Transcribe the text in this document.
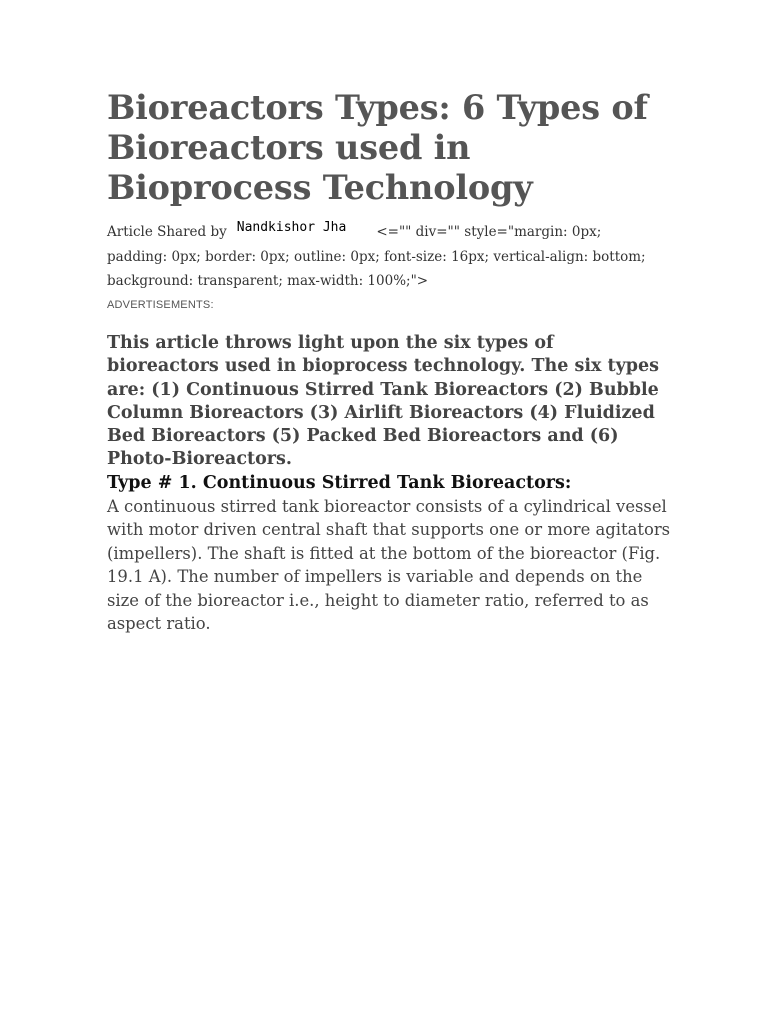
Bioreactors Types: 6 Types of Bioreactors used in Bioprocess Technology
Article Shared by Nandkishor Jha <="" div="" style="margin: 0px; padding: 0px; border: 0px; outline: 0px; font-size: 16px; vertical-align: bottom; background: transparent; max-width: 100%;">
ADVERTISEMENTS:
This article throws light upon the six types of bioreactors used in bioprocess technology. The six types are: (1) Continuous Stirred Tank Bioreactors (2) Bubble Column Bioreactors (3) Airlift Bioreactors (4) Fluidized Bed Bioreactors (5) Packed Bed Bioreactors and (6) Photo-Bioreactors.
Type # 1. Continuous Stirred Tank Bioreactors:

A continuous stirred tank bioreactor consists of a cylindrical vessel with motor driven central shaft that supports one or more agitators (impellers). The shaft is fitted at the bottom of the bioreactor (Fig. 19.1 A). The number of impellers is variable and depends on the size of the bioreactor i.e., height to diameter ratio, referred to as aspect ratio.
